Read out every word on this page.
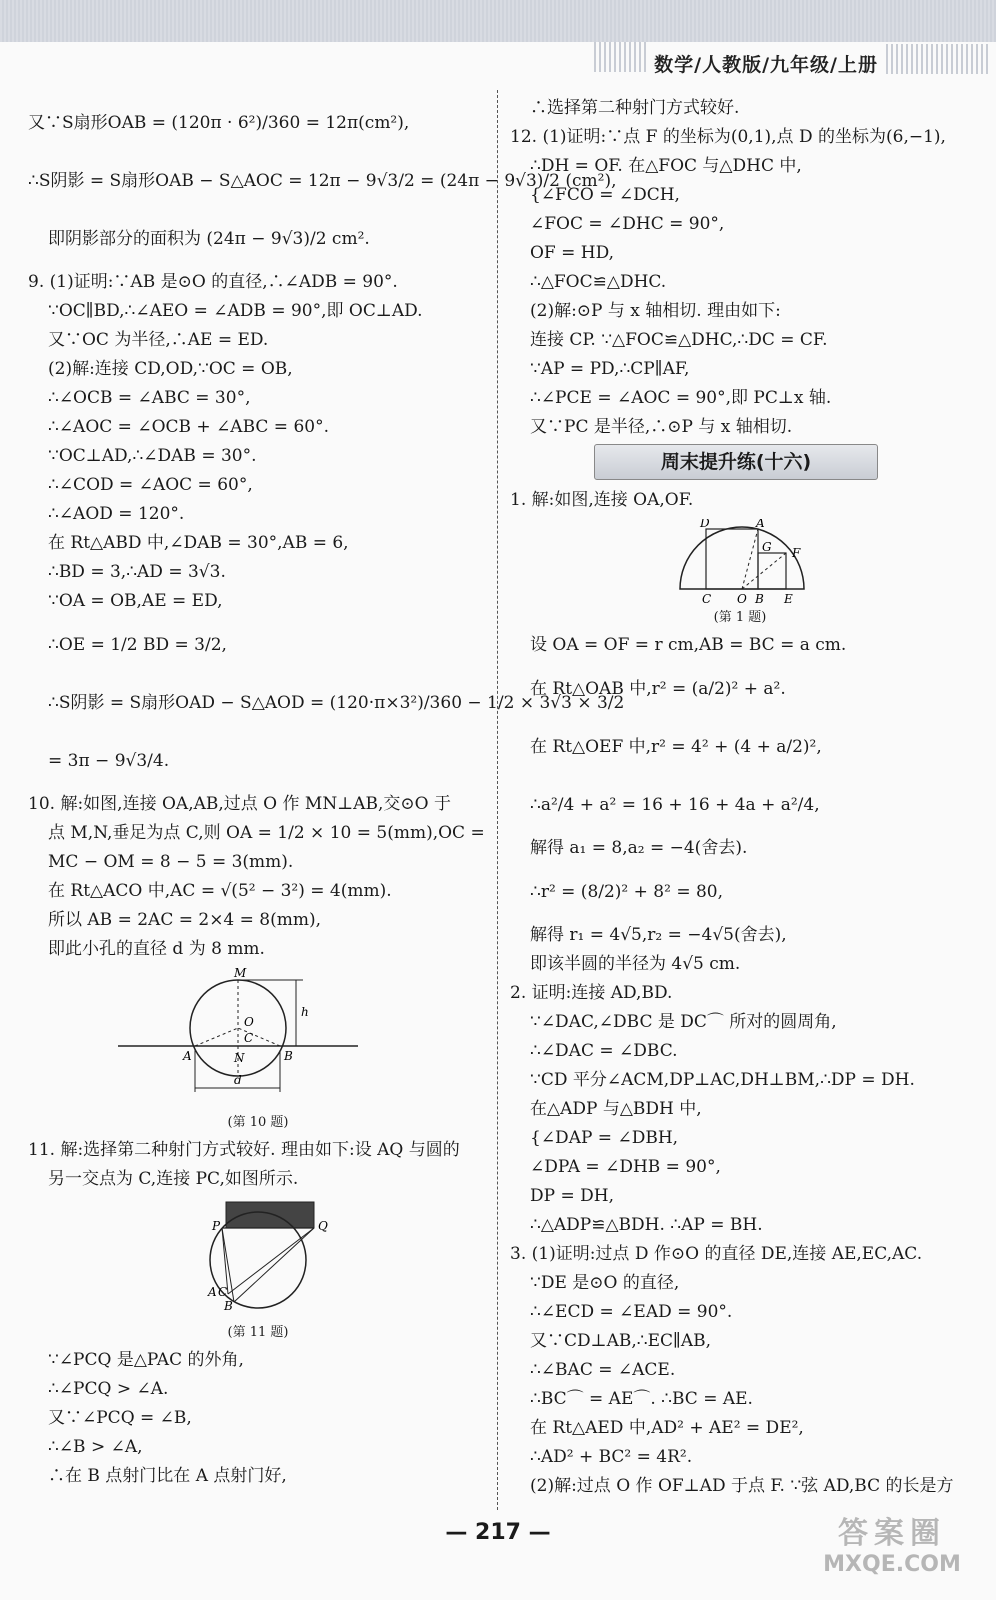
数学/人教版/九年级/上册
又∵S扇形OAB = (120π · 6²)/360 = 12π(cm²),
∴S阴影 = S扇形OAB − S△AOC = 12π − 9√3/2 = (24π − 9√3)/2 (cm²),
即阴影部分的面积为 (24π − 9√3)/2 cm².
9. (1)证明:∵AB 是⊙O 的直径,∴∠ADB = 90°.
∵OC∥BD,∴∠AEO = ∠ADB = 90°,即 OC⊥AD.
又∵OC 为半径,∴AE = ED.
(2)解:连接 CD,OD,∵OC = OB,
∴∠OCB = ∠ABC = 30°,
∴∠AOC = ∠OCB + ∠ABC = 60°.
∵OC⊥AD,∴∠DAB = 30°.
∴∠COD = ∠AOC = 60°,
∴∠AOD = 120°.
在 Rt△ABD 中,∠DAB = 30°,AB = 6,
∴BD = 3,∴AD = 3√3.
∵OA = OB,AE = ED,
∴OE = 1/2 BD = 3/2,
∴S阴影 = S扇形OAD − S△AOD = (120·π×3²)/360 − 1/2 × 3√3 × 3/2
= 3π − 9√3/4.
10. 解:如图,连接 OA,AB,过点 O 作 MN⊥AB,交⊙O 于
点 M,N,垂足为点 C,则 OA = 1/2 × 10 = 5(mm),OC =
MC − OM = 8 − 5 = 3(mm).
在 Rt△ACO 中,AC = √(5² − 3²) = 4(mm).
所以 AB = 2AC = 2×4 = 8(mm),
即此小孔的直径 d 为 8 mm.
M
h
O
C
A	N	B
d
(第 10 题)
11. 解:选择第二种射门方式较好. 理由如下:设 AQ 与圆的
另一交点为 C,连接 PC,如图所示.
P	Q
A C
B
(第 11 题)
∵∠PCQ 是△PAC 的外角,
∴∠PCQ > ∠A.
又∵∠PCQ = ∠B,
∴∠B > ∠A,
∴在 B 点射门比在 A 点射门好,
∴选择第二种射门方式较好.
12. (1)证明:∵点 F 的坐标为(0,1),点 D 的坐标为(6,−1),
∴DH = OF. 在△FOC 与△DHC 中,
{∠FCO = ∠DCH,
∠FOC = ∠DHC = 90°,
OF = HD,
∴△FOC≌△DHC.
(2)解:⊙P 与 x 轴相切. 理由如下:
连接 CP. ∵△FOC≌△DHC,∴DC = CF.
∵AP = PD,∴CP∥AF,
∴∠PCE = ∠AOC = 90°,即 PC⊥x 轴.
又∵PC 是半径,∴⊙P 与 x 轴相切.
周末提升练(十六)
1. 解:如图,连接 OA,OF.
D	A
G F
C O B E
(第 1 题)
设 OA = OF = r cm,AB = BC = a cm.
在 Rt△OAB 中,r² = (a/2)² + a².
在 Rt△OEF 中,r² = 4² + (4 + a/2)²,
∴a²/4 + a² = 16 + 16 + 4a + a²/4,
解得 a₁ = 8,a₂ = −4(舍去).
∴r² = (8/2)² + 8² = 80,
解得 r₁ = 4√5,r₂ = −4√5(舍去),
即该半圆的半径为 4√5 cm.
2. 证明:连接 AD,BD.
∵∠DAC,∠DBC 是 DC⌒ 所对的圆周角,
∴∠DAC = ∠DBC.
∵CD 平分∠ACM,DP⊥AC,DH⊥BM,∴DP = DH.
在△ADP 与△BDH 中,
{∠DAP = ∠DBH,
∠DPA = ∠DHB = 90°,
DP = DH,
∴△ADP≌△BDH. ∴AP = BH.
3. (1)证明:过点 D 作⊙O 的直径 DE,连接 AE,EC,AC.
∵DE 是⊙O 的直径,
∴∠ECD = ∠EAD = 90°.
又∵CD⊥AB,∴EC∥AB,
∴∠BAC = ∠ACE.
∴BC⌒ = AE⌒. ∴BC = AE.
在 Rt△AED 中,AD² + AE² = DE²,
∴AD² + BC² = 4R².
(2)解:过点 O 作 OF⊥AD 于点 F. ∵弦 AD,BC 的长是方
— 217 —	答案圈
MXQE.COM
